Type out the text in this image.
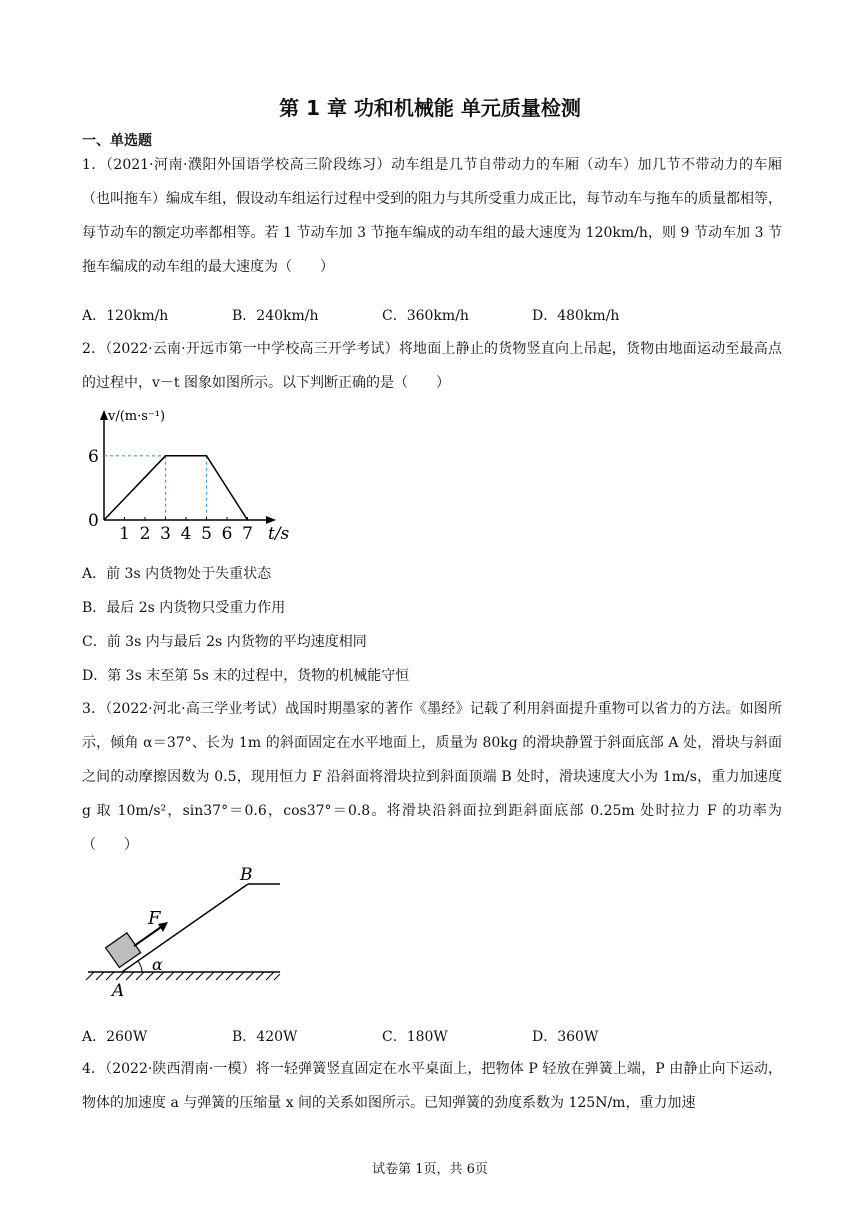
第 1 章 功和机械能 单元质量检测
一、单选题
1．（2021·河南·濮阳外国语学校高三阶段练习）动车组是几节自带动力的车厢（动车）加几节不带动力的车厢（也叫拖车）编成车组，假设动车组运行过程中受到的阻力与其所受重力成正比，每节动车与拖车的质量都相等，每节动车的额定功率都相等。若 1 节动车加 3 节拖车编成的动车组的最大速度为 120km/h，则 9 节动车加 3 节拖车编成的动车组的最大速度为（　　）
A．120km/h	B．240km/h	C．360km/h	D．480km/h
2．（2022·云南·开远市第一中学校高三开学考试）将地面上静止的货物竖直向上吊起，货物由地面运动至最高点的过程中，v－t 图象如图所示。以下判断正确的是（　　）
1 2 3 4 5 6 7
0
6
t/s
v/(m·s⁻¹)
A．前 3s 内货物处于失重状态
B．最后 2s 内货物只受重力作用
C．前 3s 内与最后 2s 内货物的平均速度相同
D．第 3s 末至第 5s 末的过程中，货物的机械能守恒
3．（2022·河北·高三学业考试）战国时期墨家的著作《墨经》记载了利用斜面提升重物可以省力的方法。如图所示，倾角 α＝37°、长为 1m 的斜面固定在水平地面上，质量为 80kg 的滑块静置于斜面底部 A 处，滑块与斜面之间的动摩擦因数为 0.5，现用恒力 F 沿斜面将滑块拉到斜面顶端 B 处时，滑块速度大小为 1m/s，重力加速度 g 取 10m/s²，sin37°＝0.6，cos37°＝0.8。将滑块沿斜面拉到距斜面底部 0.25m 处时拉力 F 的功率为（　　）
α
F
B
A
A．260W	B．420W	C．180W	D．360W
4．（2022·陕西渭南·一模）将一轻弹簧竖直固定在水平桌面上，把物体 P 轻放在弹簧上端，P 由静止向下运动，物体的加速度 a 与弹簧的压缩量 x 间的关系如图所示。已知弹簧的劲度系数为 125N/m，重力加速
试卷第 1页，共 6页
